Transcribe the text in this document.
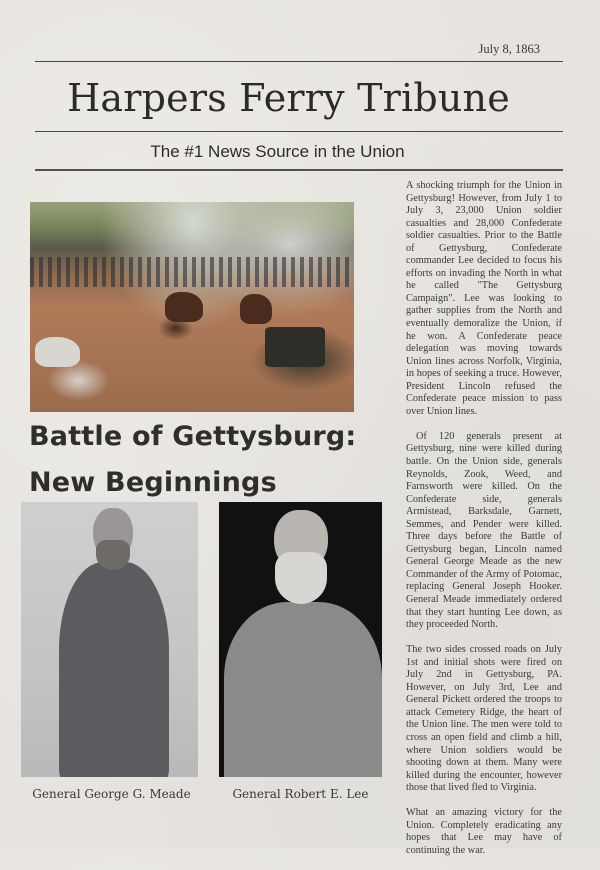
July 8, 1863
Harpers Ferry Tribune
The #1 News Source in the Union
Battle of Gettysburg:
New Beginnings
General George G. Meade	General Robert E. Lee

A shocking triumph for the Union in Gettysburg! However, from July 1 to July 3, 23,000 Union soldier casualties and 28,000 Confederate soldier casualties. Prior to the Battle of Gettysburg, Confederate commander Lee decided to focus his efforts on invading the North in what he called "The Gettysburg Campaign". Lee was looking to gather supplies from the North and eventually demoralize the Union, if he won. A Confederate peace delegation was moving towards Union lines across Norfolk, Virginia, in hopes of seeking a truce. However, President Lincoln refused the Confederate peace mission to pass over Union lines.

Of 120 generals present at Gettysburg, nine were killed during battle. On the Union side, generals Reynolds, Zook, Weed, and Farnsworth were killed. On the Confederate side, generals Armistead, Barksdale, Garnett, Semmes, and Pender were killed. Three days before the Battle of Gettysburg began, Lincoln named General George Meade as the new Commander of the Army of Potomac, replacing General Joseph Hooker. General Meade immediately ordered that they start hunting Lee down, as they proceeded North.

The two sides crossed roads on July 1st and initial shots were fired on July 2nd in Gettysburg, PA. However, on July 3rd, Lee and General Pickett ordered the troops to attack Cemetery Ridge, the heart of the Union line. The men were told to cross an open field and climb a hill, where Union soldiers would be shooting down at them. Many were killed during the encounter, however those that lived fled to Virginia.

What an amazing victory for the Union. Completely eradicating any hopes that Lee may have of continuing the war.
